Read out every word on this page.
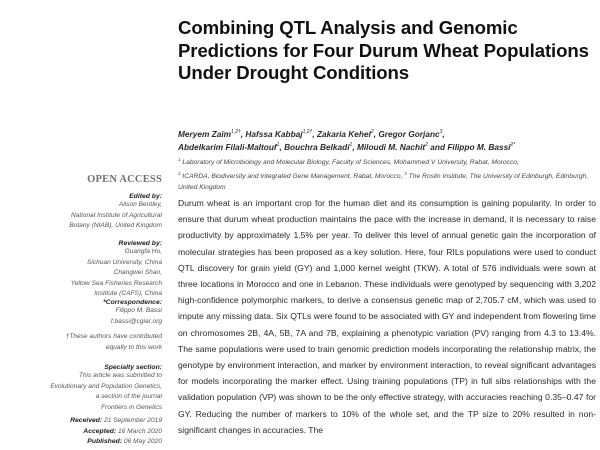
Combining QTL Analysis and Genomic Predictions for Four Durum Wheat Populations Under Drought Conditions
Meryem Zaïm$^{1,2\dagger}$, Hafssa Kabbaj$^{1,2\dagger}$, Zakaria Kehel$^2$, Gregor Gorjanc$^3$,
Abdelkarim Filali-Maltouf$^1$, Bouchra Belkadi$^1$, Miloudi M. Nachit$^2$ and Filippo M. Bassi$^{2*}$
$^1$ Laboratory of Microbiology and Molecular Biology, Faculty of Sciences, Mohammed V University, Rabat, Morocco,
$^2$ ICARDA, Biodiversity and Integrated Gene Management, Rabat, Morocco, $^3$ The Roslin Institute, The University of Edinburgh, Edinburgh, United Kingdom
OPEN ACCESS
Edited by:
Alison Bentley,
National Institute of Agricultural
Botany (NIAB), United Kingdom
Reviewed by:
Guangfa Hu,
Sichuan University, China
Changwei Shao,
Yellow Sea Fisheries Research
Institute (CAFS), China
*Correspondence:
Filippo M. Bassi
f.bassi@cgiar.org
†These authors have contributed
equally to this work
Specialty section:
This article was submitted to
Evolutionary and Population Genetics,
a section of the journal
Frontiers in Genetics
Received: 21 September 2019
Accepted: 16 March 2020
Published: 06 May 2020

Durum wheat is an important crop for the human diet and its consumption is gaining popularity. In order to ensure that durum wheat production maintains the pace with the increase in demand, it is necessary to raise productivity by approximately 1.5% per year. To deliver this level of annual genetic gain the incorporation of molecular strategies has been proposed as a key solution. Here, four RILs populations were used to conduct QTL discovery for grain yield (GY) and 1,000 kernel weight (TKW). A total of 576 individuals were sown at three locations in Morocco and one in Lebanon. These individuals were genotyped by sequencing with 3,202 high-confidence polymorphic markers, to derive a consensus genetic map of 2,705.7 cM, which was used to impute any missing data. Six QTLs were found to be associated with GY and independent from flowering time on chromosomes 2B, 4A, 5B, 7A and 7B, explaining a phenotypic variation (PV) ranging from 4.3 to 13.4%. The same populations were used to train genomic prediction models incorporating the relationship matrix, the genotype by environment interaction, and marker by environment interaction, to reveal significant advantages for models incorporating the marker effect. Using training populations (TP) in full sibs relationships with the validation population (VP) was shown to be the only effective strategy, with accuracies reaching 0.35–0.47 for GY. Reducing the number of markers to 10% of the whole set, and the TP size to 20% resulted in non-significant changes in accuracies. The
